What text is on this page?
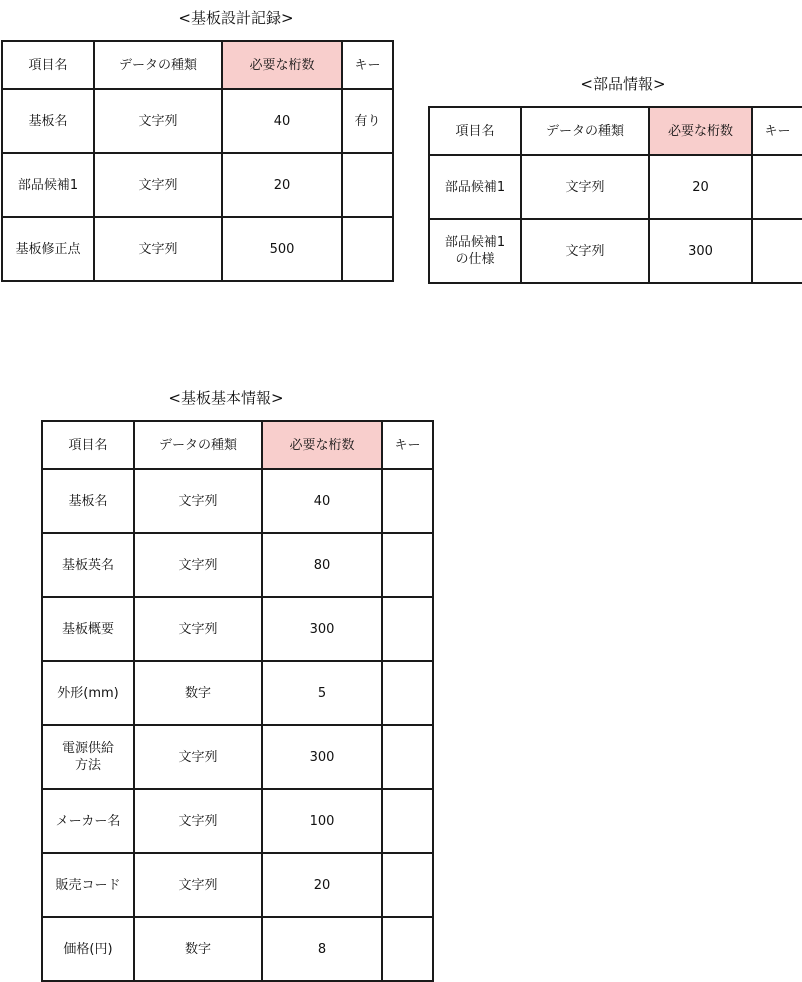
<基板設計記録>
項目名	データの種類	必要な桁数	キー
基板名	文字列	40	有り
部品候補1	文字列	20	
基板修正点	文字列	500	
<部品情報>
項目名	データの種類	必要な桁数	キー
部品候補1	文字列	20	
部品候補1
の仕様	文字列	300	
<基板基本情報>
項目名	データの種類	必要な桁数	キー
基板名	文字列	40	
基板英名	文字列	80	
基板概要	文字列	300	
外形(mm)	数字	5	
電源供給
方法	文字列	300	
メーカー名	文字列	100	
販売コード	文字列	20	
価格(円)	数字	8	
